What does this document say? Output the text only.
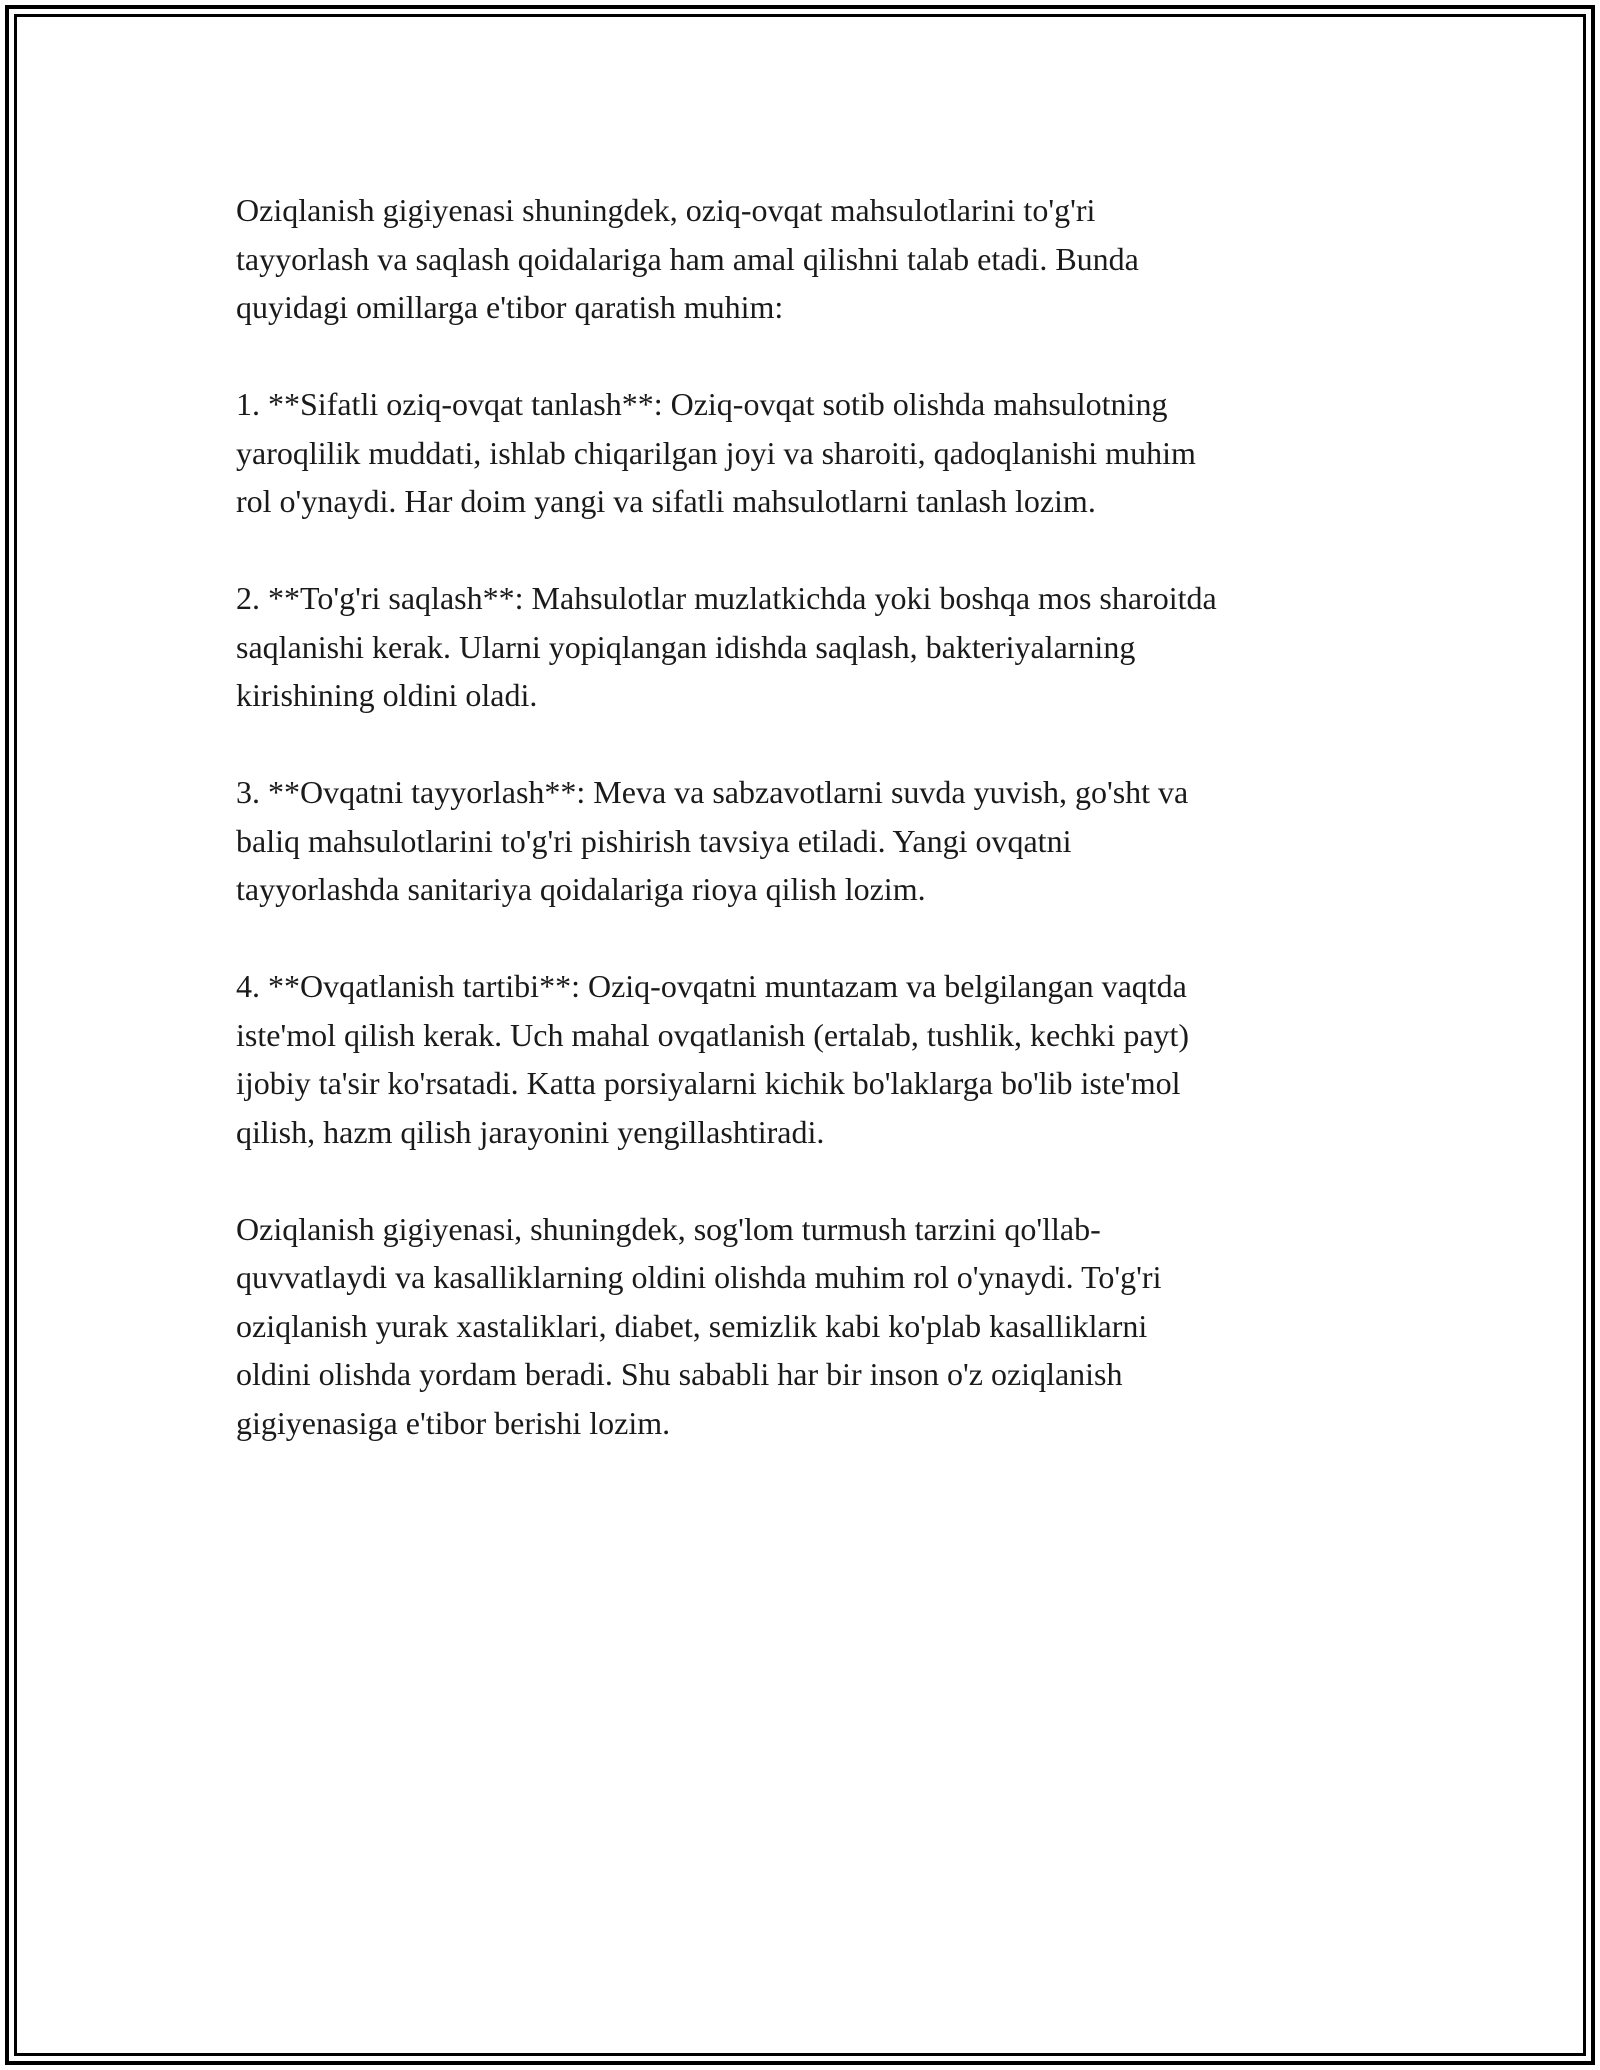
Oziqlanish gigiyenasi shuningdek, oziq-ovqat mahsulotlarini to'g'ri
tayyorlash va saqlash qoidalariga ham amal qilishni talab etadi. Bunda
quyidagi omillarga e'tibor qaratish muhim:

1. **Sifatli oziq-ovqat tanlash**: Oziq-ovqat sotib olishda mahsulotning
yaroqlilik muddati, ishlab chiqarilgan joyi va sharoiti, qadoqlanishi muhim
rol o'ynaydi. Har doim yangi va sifatli mahsulotlarni tanlash lozim.

2. **To'g'ri saqlash**: Mahsulotlar muzlatkichda yoki boshqa mos sharoitda
saqlanishi kerak. Ularni yopiqlangan idishda saqlash, bakteriyalarning
kirishining oldini oladi.

3. **Ovqatni tayyorlash**: Meva va sabzavotlarni suvda yuvish, go'sht va
baliq mahsulotlarini to'g'ri pishirish tavsiya etiladi. Yangi ovqatni
tayyorlashda sanitariya qoidalariga rioya qilish lozim.

4. **Ovqatlanish tartibi**: Oziq-ovqatni muntazam va belgilangan vaqtda
iste'mol qilish kerak. Uch mahal ovqatlanish (ertalab, tushlik, kechki payt)
ijobiy ta'sir ko'rsatadi. Katta porsiyalarni kichik bo'laklarga bo'lib iste'mol
qilish, hazm qilish jarayonini yengillashtiradi.

Oziqlanish gigiyenasi, shuningdek, sog'lom turmush tarzini qo'llab-
quvvatlaydi va kasalliklarning oldini olishda muhim rol o'ynaydi. To'g'ri
oziqlanish yurak xastaliklari, diabet, semizlik kabi ko'plab kasalliklarni
oldini olishda yordam beradi. Shu sababli har bir inson o'z oziqlanish
gigiyenasiga e'tibor berishi lozim.
